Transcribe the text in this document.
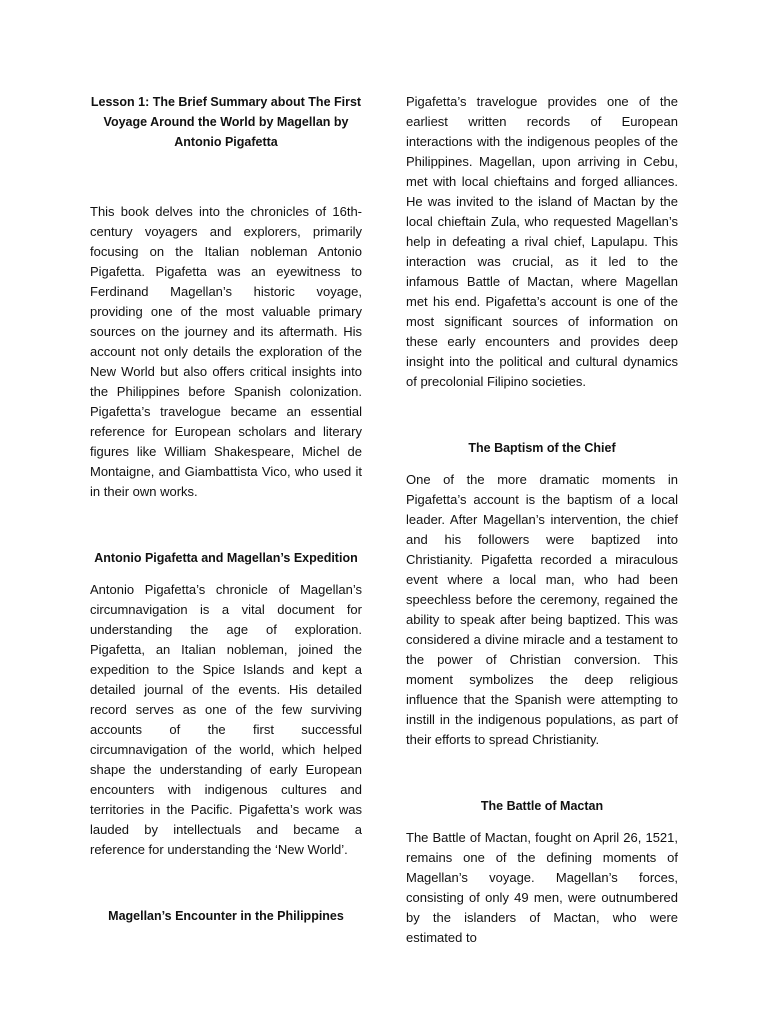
Lesson 1: The Brief Summary about The First Voyage Around the World by Magellan by Antonio Pigafetta

This book delves into the chronicles of 16th-century voyagers and explorers, primarily focusing on the Italian nobleman Antonio Pigafetta. Pigafetta was an eyewitness to Ferdinand Magellan’s historic voyage, providing one of the most valuable primary sources on the journey and its aftermath. His account not only details the exploration of the New World but also offers critical insights into the Philippines before Spanish colonization. Pigafetta’s travelogue became an essential reference for European scholars and literary figures like William Shakespeare, Michel de Montaigne, and Giambattista Vico, who used it in their own works.

Antonio Pigafetta and Magellan’s Expedition

Antonio Pigafetta’s chronicle of Magellan’s circumnavigation is a vital document for understanding the age of exploration. Pigafetta, an Italian nobleman, joined the expedition to the Spice Islands and kept a detailed journal of the events. His detailed record serves as one of the few surviving accounts of the first successful circumnavigation of the world, which helped shape the understanding of early European encounters with indigenous cultures and territories in the Pacific. Pigafetta’s work was lauded by intellectuals and became a reference for understanding the ‘New World’.

Magellan’s Encounter in the Philippines

Pigafetta’s travelogue provides one of the earliest written records of European interactions with the indigenous peoples of the Philippines. Magellan, upon arriving in Cebu, met with local chieftains and forged alliances. He was invited to the island of Mactan by the local chieftain Zula, who requested Magellan’s help in defeating a rival chief, Lapulapu. This interaction was crucial, as it led to the infamous Battle of Mactan, where Magellan met his end. Pigafetta’s account is one of the most significant sources of information on these early encounters and provides deep insight into the political and cultural dynamics of precolonial Filipino societies.

The Baptism of the Chief

One of the more dramatic moments in Pigafetta’s account is the baptism of a local leader. After Magellan’s intervention, the chief and his followers were baptized into Christianity. Pigafetta recorded a miraculous event where a local man, who had been speechless before the ceremony, regained the ability to speak after being baptized. This was considered a divine miracle and a testament to the power of Christian conversion. This moment symbolizes the deep religious influence that the Spanish were attempting to instill in the indigenous populations, as part of their efforts to spread Christianity.

The Battle of Mactan

The Battle of Mactan, fought on April 26, 1521, remains one of the defining moments of Magellan’s voyage. Magellan’s forces, consisting of only 49 men, were outnumbered by the islanders of Mactan, who were estimated to
